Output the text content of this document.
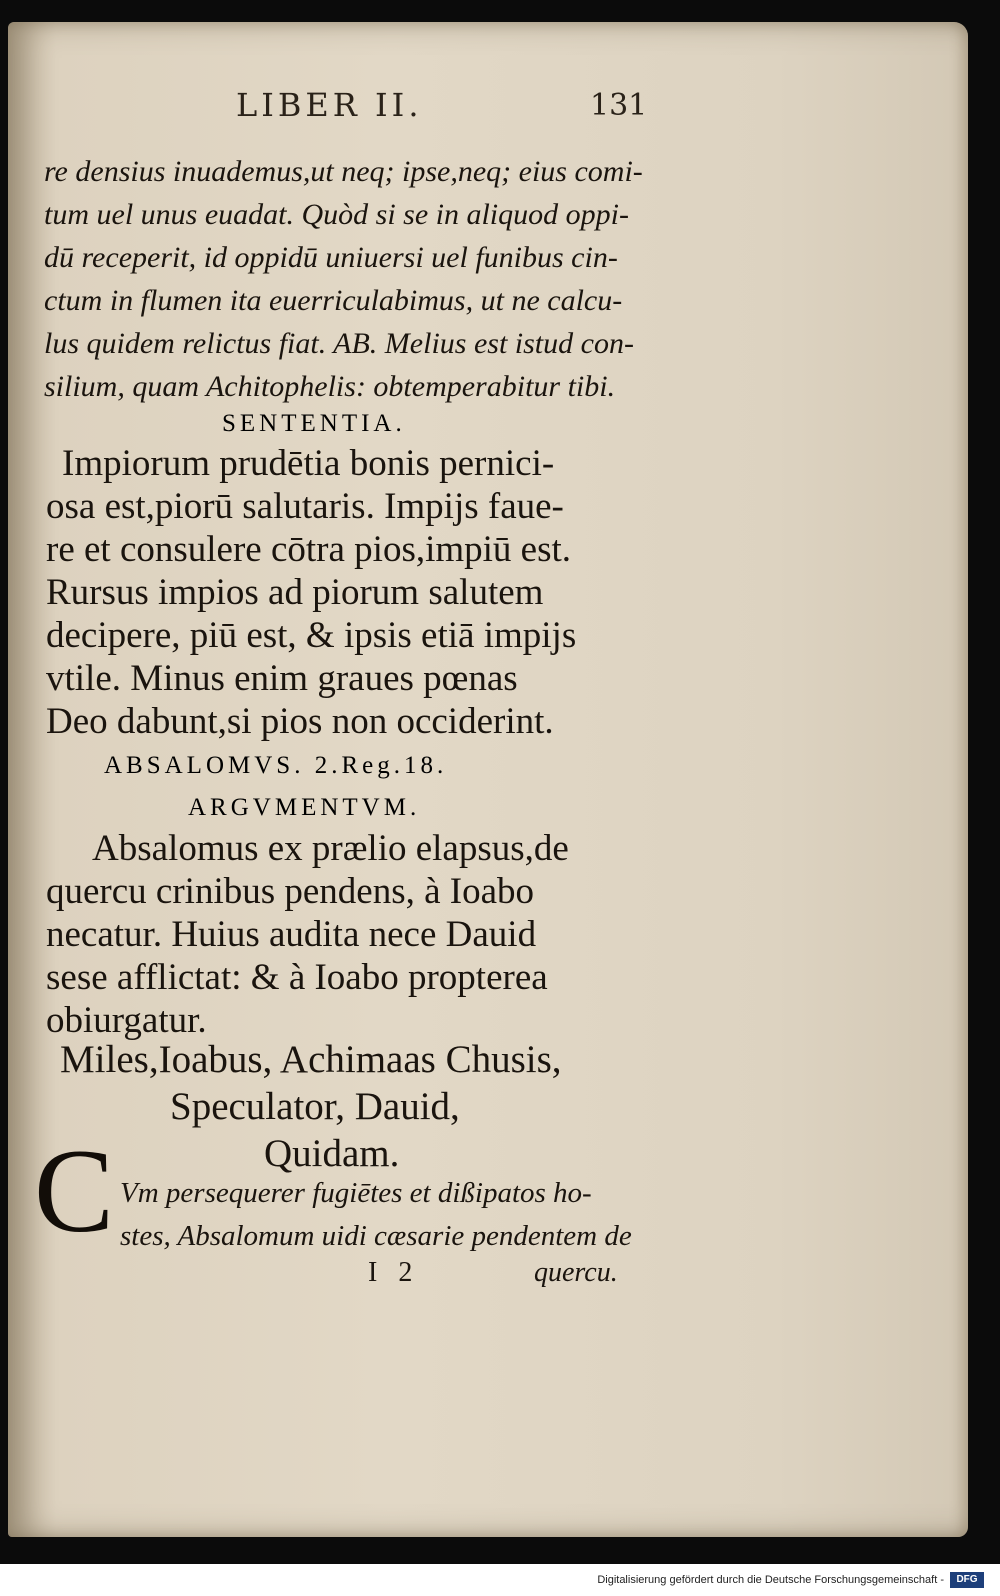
LIBER II.	131
re densius inuademus,ut neq; ipse,neq; eius comi-
tum uel unus euadat. Quòd si se in aliquod oppi-
dū receperit, id oppidū uniuersi uel funibus cin-
ctum in flumen ita euerriculabimus, ut ne calcu-
lus quidem relictus fiat. AB. Melius est istud con-
silium, quam Achitophelis: obtemperabitur tibi.
SENTENTIA.
Impiorum prudētia bonis pernici-
osa est,piorū salutaris. Impijs faue-
re et consulere cōtra pios,impiū est.
Rursus impios ad piorum salutem
decipere, piū est, & ipsis etiā impijs
vtile. Minus enim graues pœnas
Deo dabunt,si pios non occiderint.
ABSALOMVS. 2.Reg.18.
ARGVMENTVM.
Absalomus ex prælio elapsus,de
quercu crinibus pendens, à Ioabo
necatur. Huius audita nece Dauid
sese afflictat: & à Ioabo propterea
obiurgatur.
Miles,Ioabus, Achimaas Chusis,
Speculator, Dauid,
Quidam.
C Vm persequerer fugiētes et dißipatos ho-
stes, Absalomum uidi cæsarie pendentem de
I 2	quercu.
Digitalisierung gefördert durch die Deutsche Forschungsgemeinschaft -	DFG
